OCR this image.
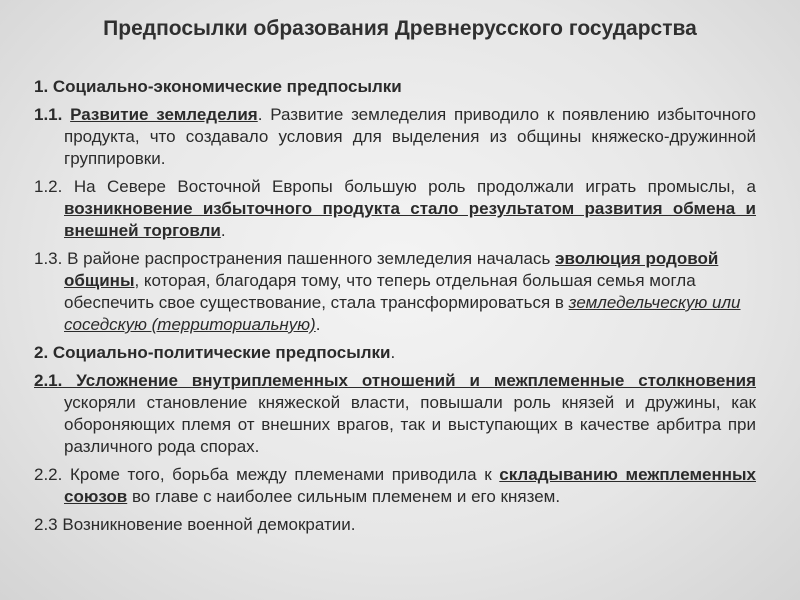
Предпосылки образования Древнерусского государства

1. Социально-экономические предпосылки

1.1. Развитие земледелия. Развитие земледелия приводило к появлению избыточного продукта, что создавало условия для выделения из общины княжеско-дружинной группировки.

1.2. На Севере Восточной Европы большую роль продолжали играть промыслы, а возникновение избыточного продукта стало результатом развития обмена и внешней торговли.

1.3. В районе распространения пашенного земледелия началась эволюция родовой общины, которая, благодаря тому, что теперь отдельная большая семья могла обеспечить свое существование, стала трансформироваться в земледельческую или соседскую (территориальную).

2. Социально-политические предпосылки.

2.1. Усложнение внутриплеменных отношений и межплеменные столкновения ускоряли становление княжеской власти, повышали роль князей и дружины, как обороняющих племя от внешних врагов, так и выступающих в качестве арбитра при различного рода спорах.

2.2. Кроме того, борьба между племенами приводила к складыванию межплеменных союзов во главе с наиболее сильным племенем и его князем.

2.3 Возникновение военной демократии.
